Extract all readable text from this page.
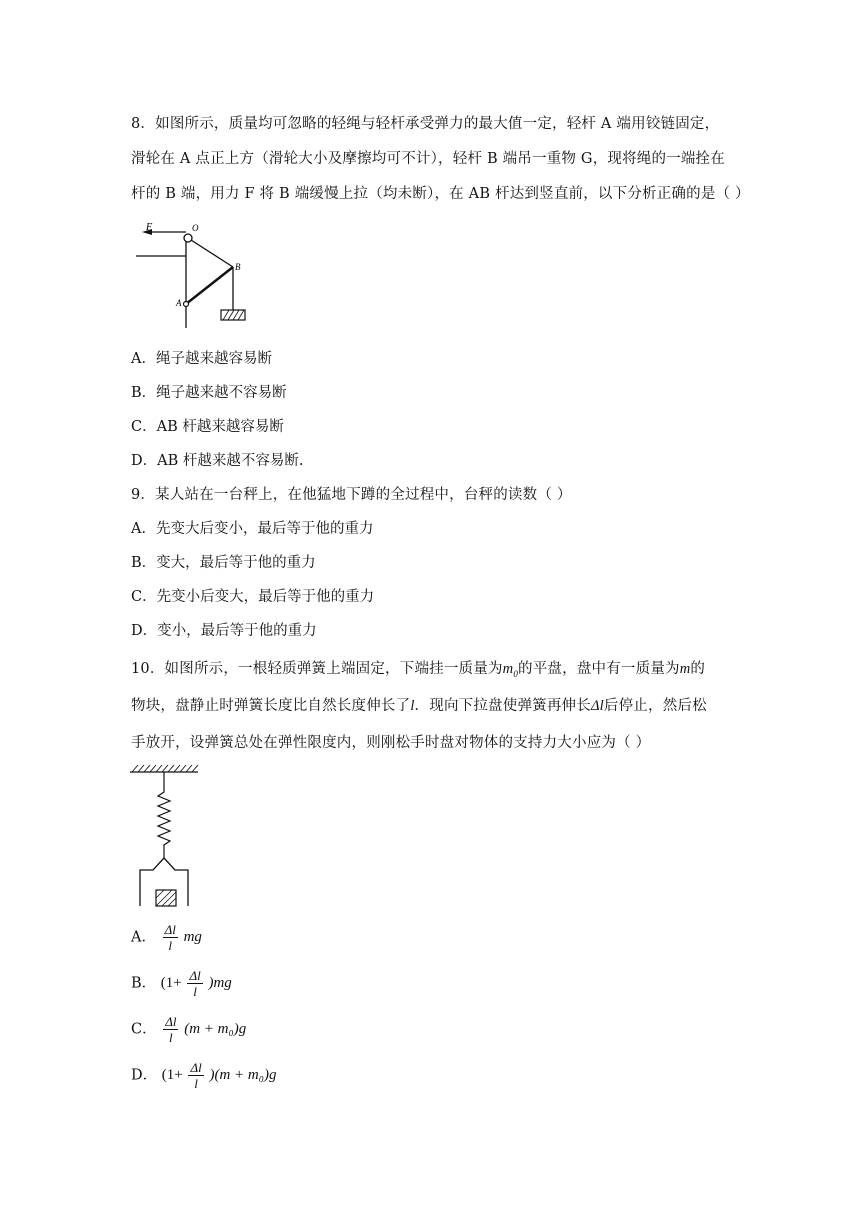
8．如图所示，质量均可忽略的轻绳与轻杆承受弹力的最大值一定，轻杆 A 端用铰链固定，
滑轮在 A 点正上方（滑轮大小及摩擦均可不计），轻杆 B 端吊一重物 G，现将绳的一端拴在
杆的 B 端，用力 F 将 B 端缓慢上拉（均未断），在 AB 杆达到竖直前，以下分析正确的是（ ）
F	O
B
A
A．绳子越来越容易断
B．绳子越来越不容易断
C．AB 杆越来越容易断
D．AB 杆越来越不容易断.
9．某人站在一台秤上，在他猛地下蹲的全过程中，台秤的读数（ ）
A．先变大后变小，最后等于他的重力
B．变大，最后等于他的重力
C．先变小后变大，最后等于他的重力
D．变小，最后等于他的重力
10．如图所示，一根轻质弹簧上端固定，下端挂一质量为$m_0$的平盘，盘中有一质量为m的
物块，盘静止时弹簧长度比自然长度伸长了l．现向下拉盘使弹簧再伸长Δl后停止，然后松
手放开，设弹簧总处在弹性限度内，则刚松手时盘对物体的支持力大小应为（ ）
A． $\frac{\Delta l}{l}$ mg
B． $(1+ \frac{\Delta l}{l} )mg$
C． $\frac{\Delta l}{l} (m + m_0)g$
D． $(1+ \frac{\Delta l}{l} )(m + m_0)g$
